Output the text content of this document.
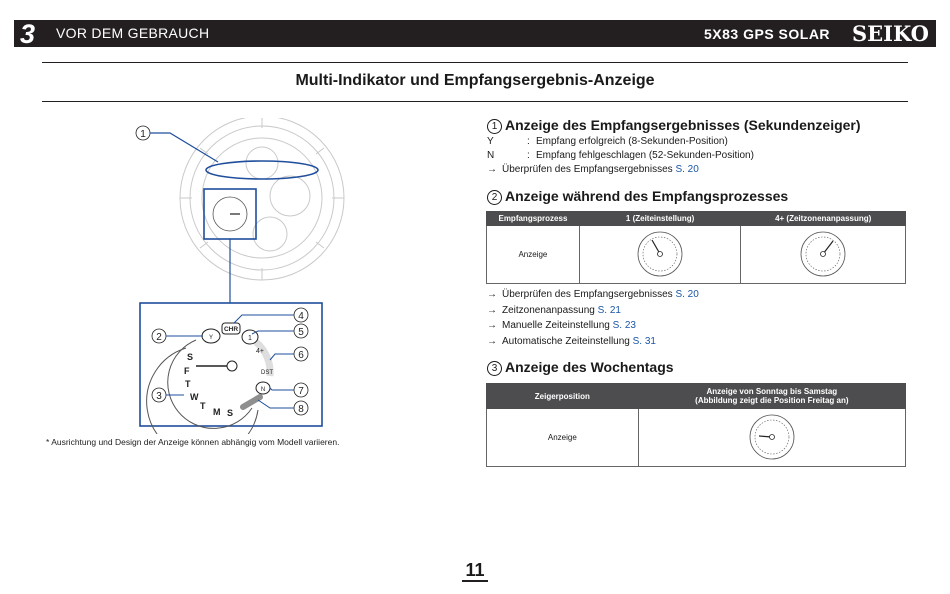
3 VOR DEM GEBRAUCH	5X83 GPS SOLAR SEIKO
Multi-Indikator und Empfangsergebnis-Anzeige
1
Y
CHR
1
4+
DST
N
S
F
T
W
T
M S
2
3
4
5
6
7
8
* Ausrichtung und Design der Anzeige können abhängig vom Modell variieren.
1 Anzeige des Empfangsergebnisses (Sekundenzeiger)
Y	: Empfang erfolgreich (8-Sekunden-Position)
N	: Empfang fehlgeschlagen (52-Sekunden-Position)
→ Überprüfen des Empfangsergebnisses S. 20
2 Anzeige während des Empfangsprozesses
Empfangsprozess	1 (Zeiteinstellung)	4+ (Zeitzonenanpassung)
Anzeige		
→ Überprüfen des Empfangsergebnisses S. 20
→ Zeitzonenanpassung S. 21
→ Manuelle Zeiteinstellung S. 23
→ Automatische Zeiteinstellung S. 31
3 Anzeige des Wochentags
Zeigerposition	Anzeige von Sonntag bis Samstag
(Abbildung zeigt die Position Freitag an)

Anzeige	
11
